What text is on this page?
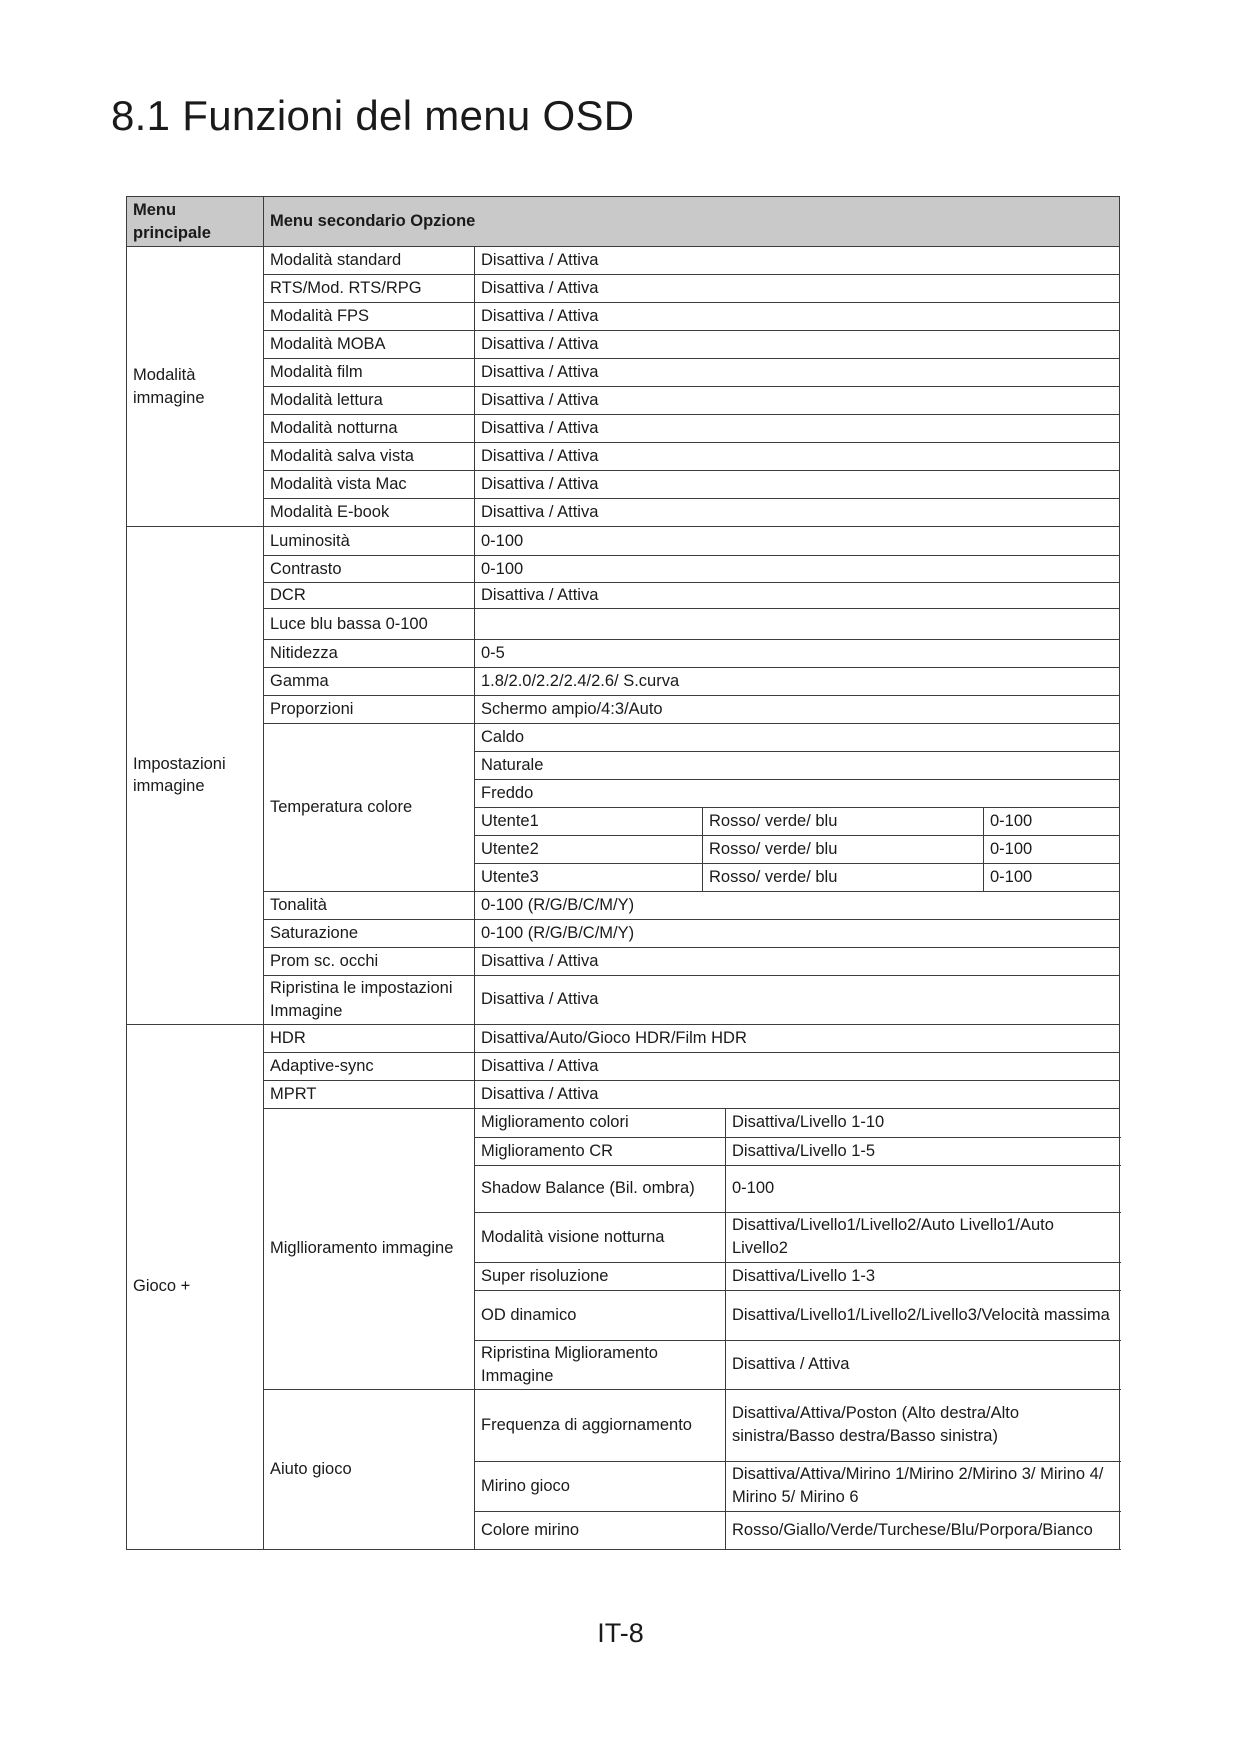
8.1 Funzioni del menu OSD
Menu principale	Menu secondario Opzione				
Modalità immagine	Modalità standard	Disattiva / Attiva			
	RTS/Mod. RTS/RPG	Disattiva / Attiva			
	Modalità FPS	Disattiva / Attiva			
	Modalità MOBA	Disattiva / Attiva			
	Modalità film	Disattiva / Attiva			
	Modalità lettura	Disattiva / Attiva			
	Modalità notturna	Disattiva / Attiva			
	Modalità salva vista	Disattiva / Attiva			
	Modalità vista Mac	Disattiva / Attiva			
	Modalità E-book	Disattiva / Attiva			
Impostazioni immagine	Luminosità	0-100			
	Contrasto	0-100			
	DCR	Disattiva / Attiva			
	Luce blu bassa 0-100				
	Nitidezza	0-5			
	Gamma	1.8/2.0/2.2/2.4/2.6/ S.curva			
	Proporzioni	Schermo ampio/4:3/Auto			
	Temperatura colore	Caldo			
		Naturale			
		Freddo			
		Utente1	Rosso/ verde/ blu		0-100
		Utente2	Rosso/ verde/ blu		0-100
		Utente3	Rosso/ verde/ blu		0-100
	Tonalità	0-100 (R/G/B/C/M/Y)			
	Saturazione	0-100 (R/G/B/C/M/Y)			
	Prom sc. occhi	Disattiva / Attiva			
	Ripristina le impostazioni Immagine	Disattiva / Attiva			
Gioco +	HDR	Disattiva/Auto/Gioco HDR/Film HDR			
	Adaptive-sync	Disattiva / Attiva			
	MPRT	Disattiva / Attiva			
	Migllioramento immagine	Miglioramento colori		Disattiva/Livello 1-10	
		Miglioramento CR		Disattiva/Livello 1-5	
		Shadow Balance (Bil. ombra)		0-100	
		Modalità visione notturna		Disattiva/Livello1/Livello2/Auto Livello1/Auto Livello2	
		Super risoluzione		Disattiva/Livello 1-3	
		OD dinamico		Disattiva/Livello1/Livello2/Livello3/Velocità massima	
		Ripristina Miglioramento Immagine		Disattiva / Attiva	
	Aiuto gioco	Frequenza di aggiornamento		Disattiva/Attiva/Poston (Alto destra/Alto sinistra/Basso destra/Basso sinistra)	
		Mirino gioco		Disattiva/Attiva/Mirino 1/Mirino 2/Mirino 3/ Mirino 4/ Mirino 5/ Mirino 6	
		Colore mirino		Rosso/Giallo/Verde/Turchese/Blu/Porpora/Bianco	
IT-8
